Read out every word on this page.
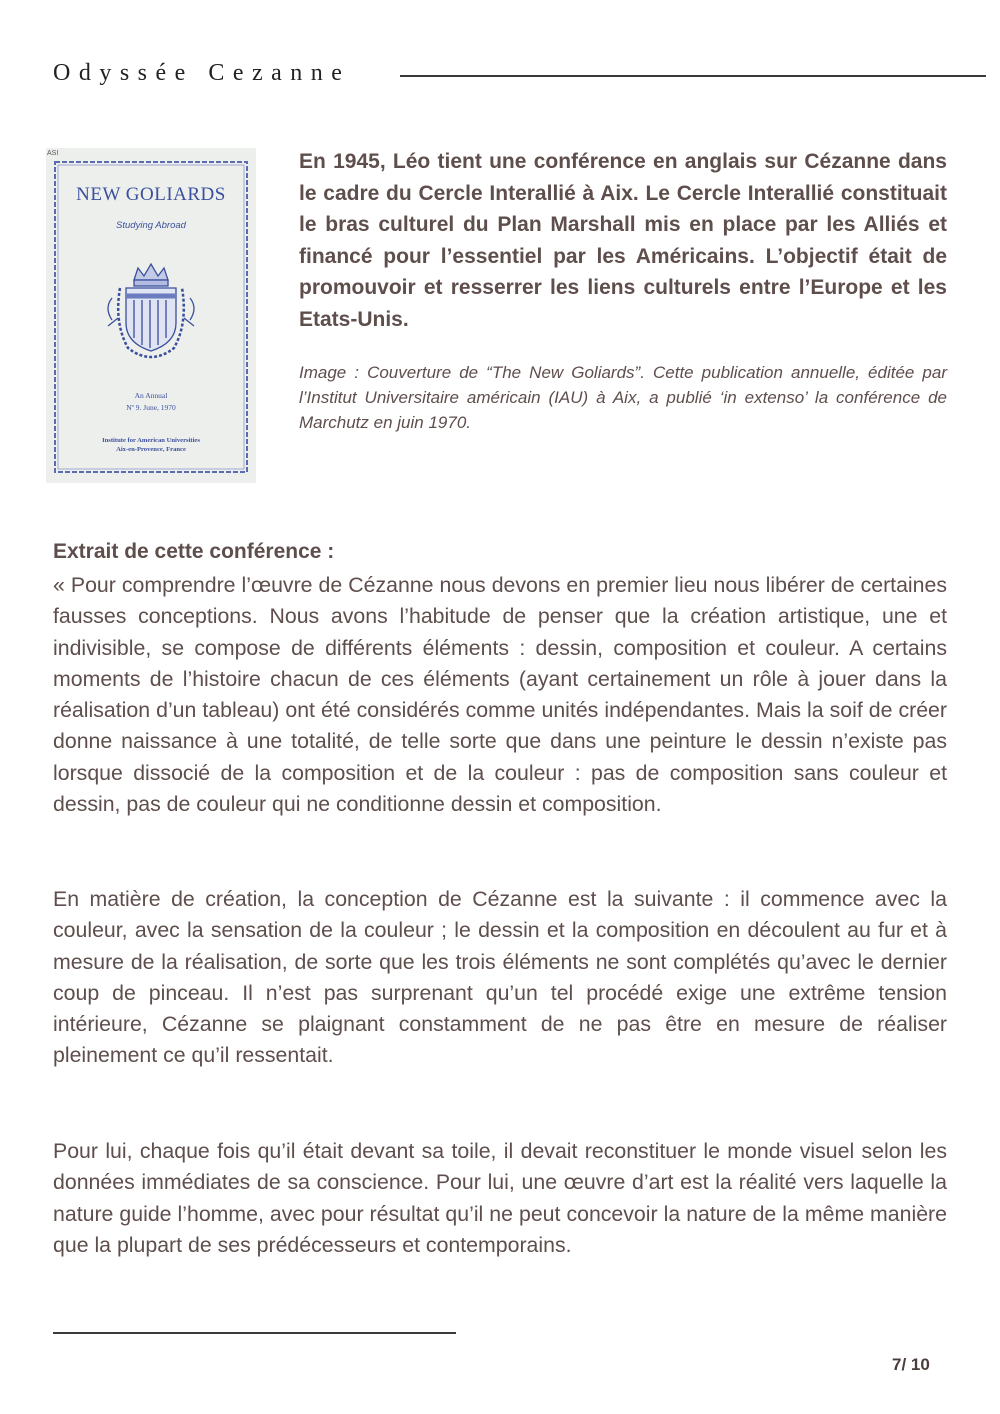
Odyssée Cezanne
ASI
NEW GOLIARDS
Studying Abroad
An Annual
Nº 9. June, 1970
Institute for American Universities
Aix-en-Provence, France
En 1945, Léo tient une conférence en anglais sur Cézanne dans le cadre du Cercle Interallié à Aix. Le Cercle Interallié constituait le bras culturel du Plan Marshall mis en place par les Alliés et financé pour l’essentiel par les Américains. L’objectif était de promouvoir et resserrer les liens culturels entre l’Europe et les Etats-Unis.
Image : Couverture de “The New Goliards”. Cette publication annuelle, éditée par l’Institut Universitaire américain (IAU) à Aix, a publié ‘in extenso’ la conférence de Marchutz en juin 1970.
Extrait de cette conférence :
« Pour comprendre l’œuvre de Cézanne nous devons en premier lieu nous libérer de certaines fausses conceptions. Nous avons l’habitude de penser que la création artistique, une et indivisible, se compose de différents éléments : dessin, composition et couleur. A certains moments de l’histoire chacun de ces éléments (ayant certainement un rôle à jouer dans la réalisation d’un tableau) ont été considérés comme unités indépendantes. Mais la soif de créer donne naissance à une totalité, de telle sorte que dans une peinture le dessin n’existe pas lorsque dissocié de la composition et de la couleur : pas de composition sans couleur et dessin, pas de couleur qui ne conditionne dessin et composition.
En matière de création, la conception de Cézanne est la suivante : il commence avec la couleur, avec la sensation de la couleur ; le dessin et la composition en découlent au fur et à mesure de la réalisation, de sorte que les trois éléments ne sont complétés qu’avec le dernier coup de pinceau. Il n’est pas surprenant qu’un tel procédé exige une extrême tension intérieure, Cézanne se plaignant constamment de ne pas être en mesure de réaliser pleinement ce qu’il ressentait.
Pour lui, chaque fois qu’il était devant sa toile, il devait reconstituer le monde visuel selon les données immédiates de sa conscience. Pour lui, une œuvre d’art est la réalité vers laquelle la nature guide l’homme, avec pour résultat qu’il ne peut concevoir la nature de la même manière que la plupart de ses prédécesseurs et contemporains.
7/ 10
